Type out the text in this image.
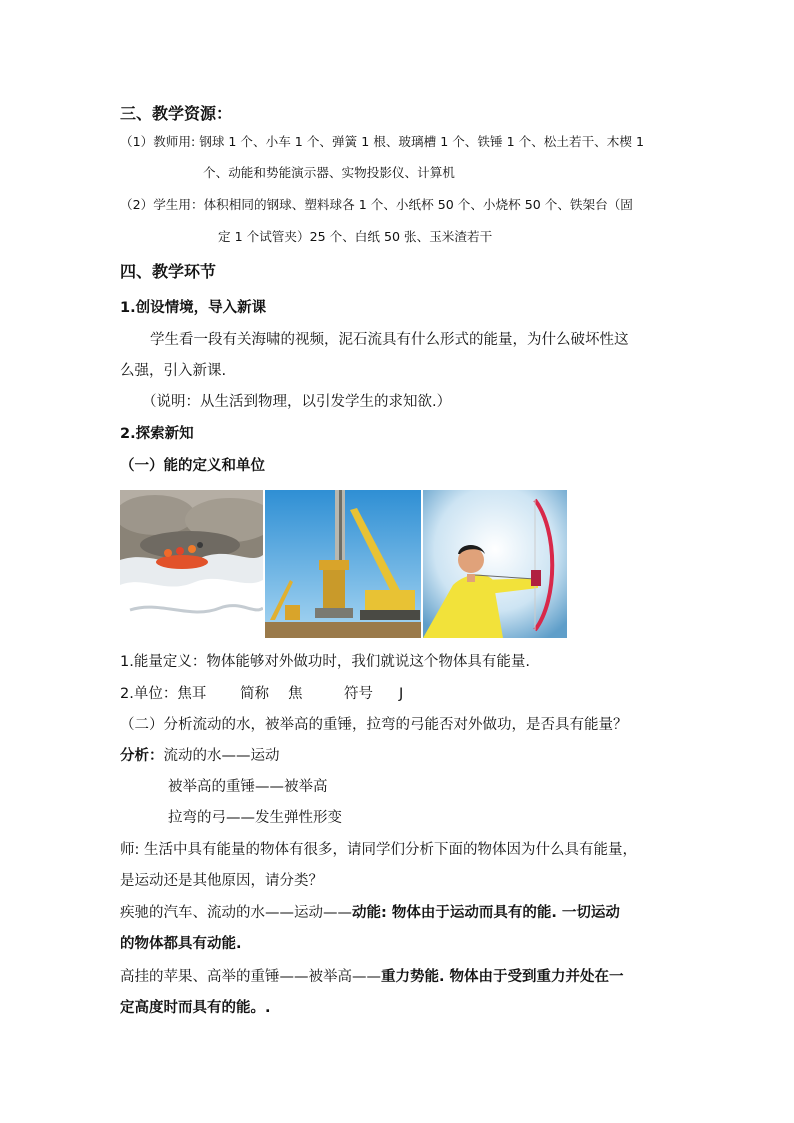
三、教学资源：
（1）教师用: 钢球 1 个、小车 1 个、弹簧 1 根、玻璃槽 1 个、铁锤 1 个、松土若干、木楔 1
个、动能和势能演示器、实物投影仪、计算机
（2）学生用：体积相同的钢球、塑料球各 1 个、小纸杯 50 个、小烧杯 50 个、铁架台（固
定 1 个试管夹）25 个、白纸 50 张、玉米渣若干
四、教学环节
1.创设情境，导入新课
学生看一段有关海啸的视频，泥石流具有什么形式的能量，为什么破坏性这
么强，引入新课.
（说明：从生活到物理，以引发学生的求知欲.）
2.探索新知
（一）能的定义和单位
1.能量定义：物体能够对外做功时，我们就说这个物体具有能量.
2.单位：焦耳 简称 焦	符号 J
（二）分析流动的水，被举高的重锤，拉弯的弓能否对外做功，是否具有能量？
分析：流动的水——运动
被举高的重锤——被举高
拉弯的弓——发生弹性形变
师: 生活中具有能量的物体有很多，请同学们分析下面的物体因为什么具有能量，
是运动还是其他原因，请分类？
疾驰的汽车、流动的水——运动——动能: 物体由于运动而具有的能. 一切运动
的物体都具有动能.
高挂的苹果、高举的重锤——被举高——重力势能. 物体由于受到重力并处在一
定高度时而具有的能。.
